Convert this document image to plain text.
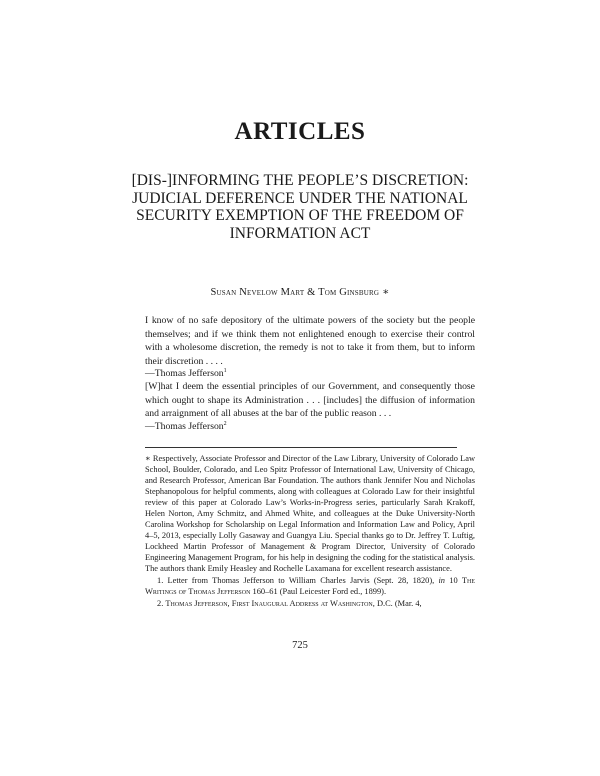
ARTICLES
[DIS-]INFORMING THE PEOPLE’S DISCRETION: JUDICIAL DEFERENCE UNDER THE NATIONAL SECURITY EXEMPTION OF THE FREEDOM OF INFORMATION ACT
Susan Nevelow Mart & Tom Ginsburg ∗
I know of no safe depository of the ultimate powers of the society but the people themselves; and if we think them not enlightened enough to exercise their control with a wholesome discretion, the remedy is not to take it from them, but to inform their discretion . . . .
—Thomas Jefferson$^1$
[W]hat I deem the essential principles of our Government, and consequently those which ought to shape its Administration . . . [includes] the diffusion of information and arraignment of all abuses at the bar of the public reason . . .
—Thomas Jefferson$^2$
∗ Respectively, Associate Professor and Director of the Law Library, University of Colorado Law School, Boulder, Colorado, and Leo Spitz Professor of International Law, University of Chicago, and Research Professor, American Bar Foundation. The authors thank Jennifer Nou and Nicholas Stephanopolous for helpful comments, along with colleagues at Colorado Law for their insightful review of this paper at Colorado Law’s Works-in-Progress series, particularly Sarah Krakoff, Helen Norton, Amy Schmitz, and Ahmed White, and colleagues at the Duke University-North Carolina Workshop for Scholarship on Legal Information and Information Law and Policy, April 4–5, 2013, especially Lolly Gasaway and Guangya Liu. Special thanks go to Dr. Jeffrey T. Luftig, Lockheed Martin Professor of Management & Program Director, University of Colorado Engineering Management Program, for his help in designing the coding for the statistical analysis. The authors thank Emily Heasley and Rochelle Laxamana for excellent research assistance.
1. Letter from Thomas Jefferson to William Charles Jarvis (Sept. 28, 1820), in 10 The Writings of Thomas Jefferson 160–61 (Paul Leicester Ford ed., 1899).
2. Thomas Jefferson, First Inaugural Address at Washington, D.C. (Mar. 4,
725
